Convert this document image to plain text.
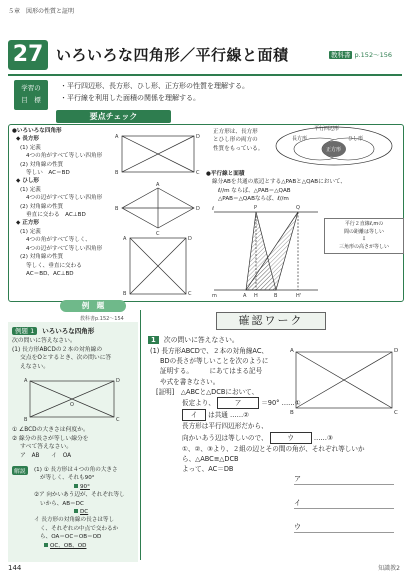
５章　図形の性質と証明
27 いろいろな四角形／平行線と面積	教科書 p.152～156
学習の
目　標
・平行四辺形、長方形、ひし形、正方形の性質を理解する。
・平行線を利用した面積の関係を理解する。
要点チェック
●いろいろな四角形
◆ 長方形
(1) 定義
4つの角がすべて等しい四角形
(2) 対角線の性質
等しい　AC＝BD
◆ ひし形
(1) 定義
4つの辺がすべて等しい四角形
(2) 対角線の性質
垂直に交わる　AC⊥BD
◆ 正方形
(1) 定義
4つの角がすべて等しく、
4つの辺がすべて等しい四角形
(2) 対角線の性質
等しく、垂直に交わる
AC＝BD、AC⊥BD
A	D
B	C
A
B	D
C
A	D
B	C
正方形は、長方形
とひし形の両方の
性質をもっている。
平行四辺形
長方形	ひし形
正方形
●平行線と面積
線分ABを共通の底辺とする△PABと△QABにおいて、
ℓ//m ならば、△PAB＝△QAB
△PAB＝△QABならば、ℓ//m
ℓ
m
P	Q
A	B
H	H'
平行２直線ℓ,mの
間の距離は等しい
⇩
三角形の高さが等しい
例　題
教科書p.152～154
例題 1 いろいろな四角形
次の問いに答えなさい。
(1) 長方形ABCDの２本の対角線の
交点をOとするとき、次の問いに答
えなさい。
A	D
B	C
O
① ∠BCDの大きさは何度か。
② 線分の長さが等しい線分を
すべて答えなさい。
ア　AB　　イ　OA
解説	(1) ① 長方形は４つの角の大きさ
が等しく、それも90°
90°
②ア 向かいあう辺が、それぞれ等し
いから、AB＝DC
DC
イ 長方形の対角線の長さは等し
く、それぞれの中点で交わるか
ら、OA＝OC＝OB＝OD
OC、OB、OD
確認ワーク
1 次の問いに答えなさい。
(1) 長方形ABCDで、２本の対角線AC、
BDの長さが等しいことを次のように
証明する。　　　にあてはまる記号
や式を書きなさい。
[証明]　△ABCと△DCBにおいて、
A	D
B	C
仮定より、	ア	＝90° ……①
イ は共通 ……②
長方形は平行四辺形だから、
向かいあう辺は等しいので、	ウ	……③
①、②、③より、２組の辺とその間の角が、それぞれ等しいか
ら、△ABC≡△DCB
よって、AC＝DB
ア
イ
ウ
144	知識教2
